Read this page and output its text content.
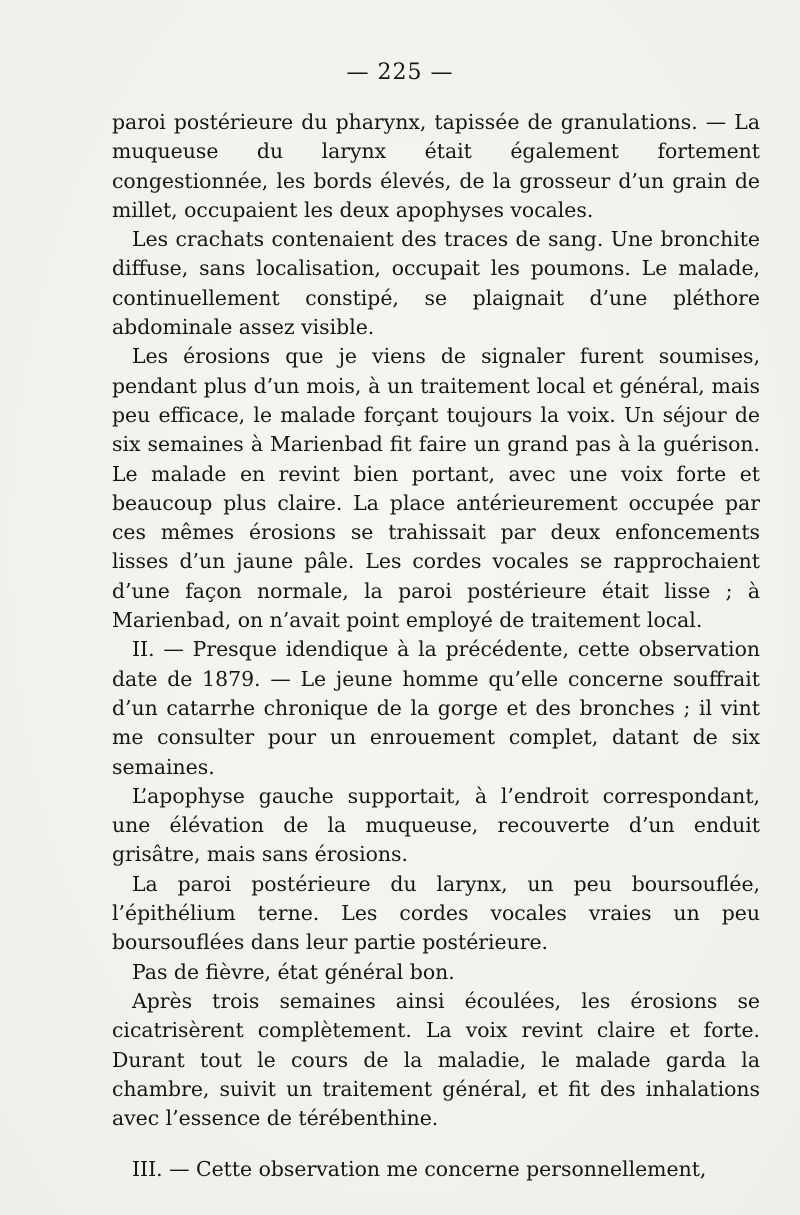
— 225 —

paroi postérieure du pharynx, tapissée de granulations. — La muqueuse du larynx était également fortement congestionnée, les bords élevés, de la grosseur d’un grain de millet, occupaient les deux apophyses vocales.

Les crachats contenaient des traces de sang. Une bronchite diffuse, sans localisation, occupait les poumons. Le malade, continuellement constipé, se plaignait d’une pléthore abdominale assez visible.

Les érosions que je viens de signaler furent soumises, pendant plus d’un mois, à un traitement local et général, mais peu efficace, le malade forçant toujours la voix. Un séjour de six semaines à Marienbad fit faire un grand pas à la guérison. Le malade en revint bien portant, avec une voix forte et beaucoup plus claire. La place antérieurement occupée par ces mêmes érosions se trahissait par deux enfoncements lisses d’un jaune pâle. Les cordes vocales se rapprochaient d’une façon normale, la paroi postérieure était lisse ; à Marienbad, on n’avait point employé de traitement local.

II. — Presque idendique à la précédente, cette observation date de 1879. — Le jeune homme qu’elle concerne souffrait d’un catarrhe chronique de la gorge et des bronches ; il vint me consulter pour un enrouement complet, datant de six semaines.

L’apophyse gauche supportait, à l’endroit correspondant, une élévation de la muqueuse, recouverte d’un enduit grisâtre, mais sans érosions.

La paroi postérieure du larynx, un peu boursouflée, l’épithélium terne. Les cordes vocales vraies un peu boursouflées dans leur partie postérieure.

Pas de fièvre, état général bon.

Après trois semaines ainsi écoulées, les érosions se cicatrisèrent complètement. La voix revint claire et forte. Durant tout le cours de la maladie, le malade garda la chambre, suivit un traitement général, et fit des inhalations avec l’essence de térébenthine.

III. — Cette observation me concerne personnellement,
